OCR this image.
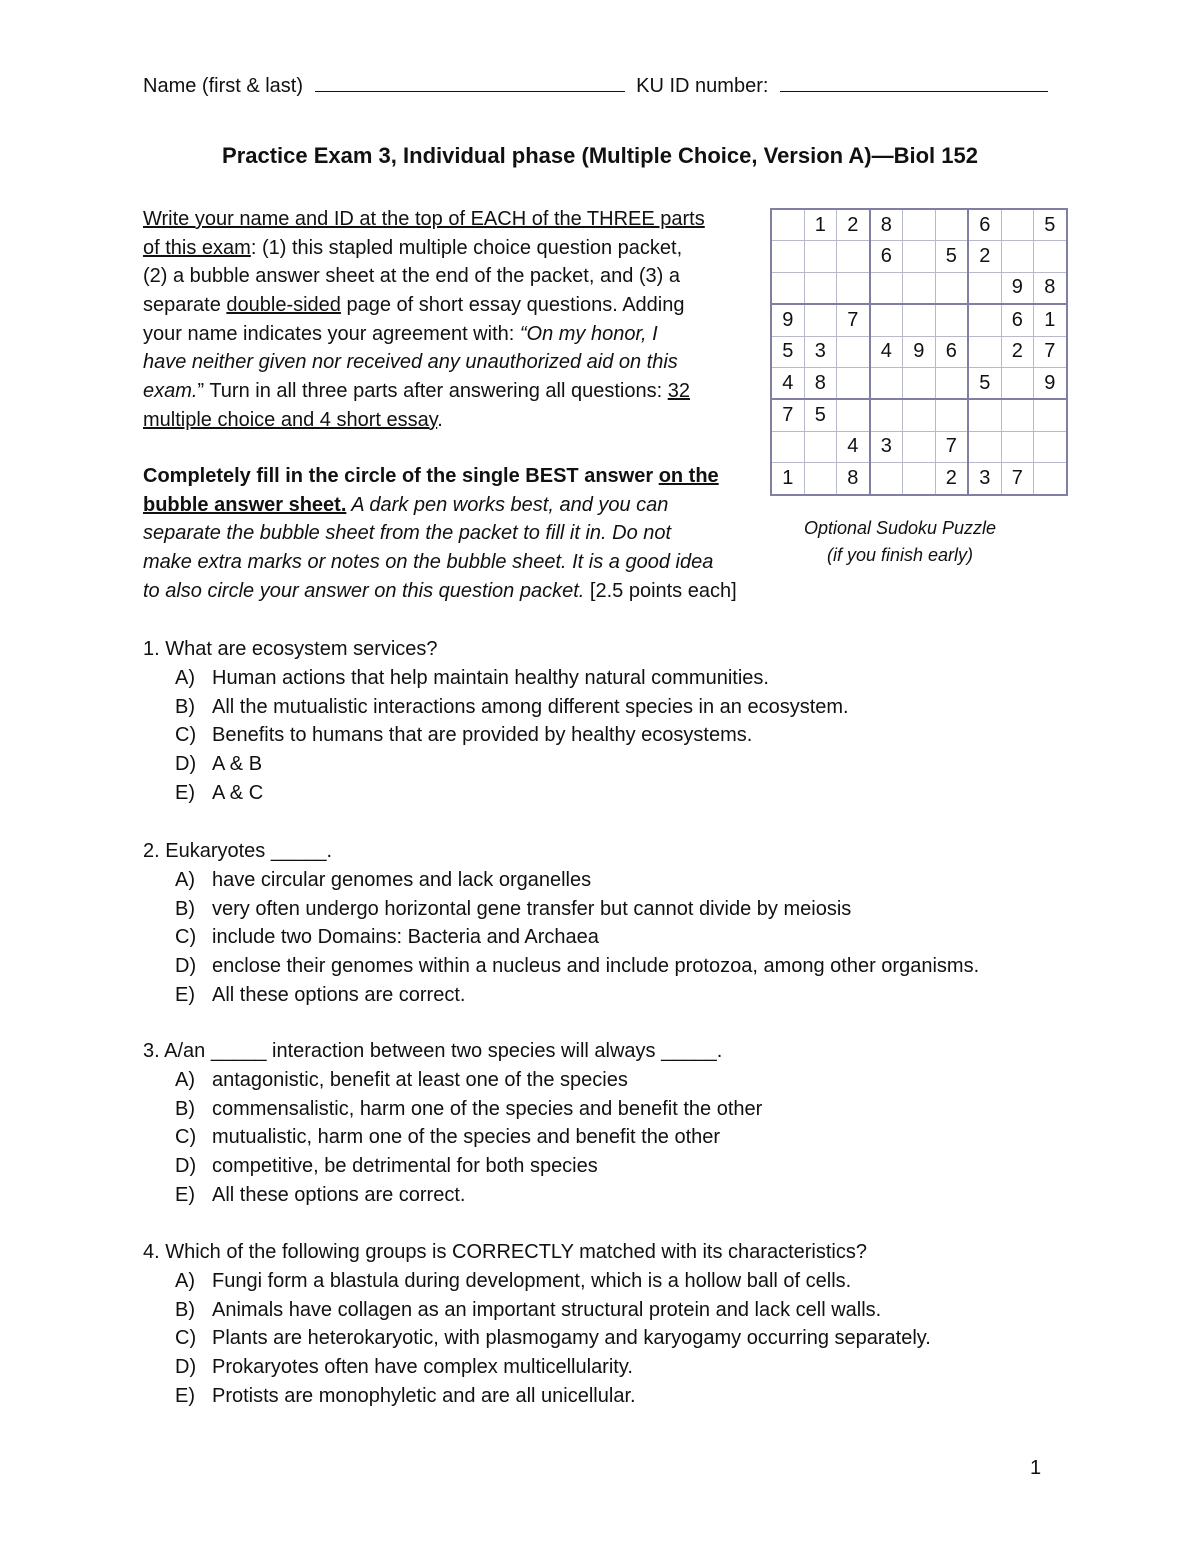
Name (first & last)	KU ID number:
Practice Exam 3, Individual phase (Multiple Choice, Version A)—Biol 152
Write your name and ID at the top of EACH of the THREE parts
of this exam: (1) this stapled multiple choice question packet,
(2) a bubble answer sheet at the end of the packet, and (3) a
separate double-sided page of short essay questions. Adding
your name indicates your agreement with: “On my honor, I
have neither given nor received any unauthorized aid on this
exam.” Turn in all three parts after answering all questions: 32
multiple choice and 4 short essay.
Completely fill in the circle of the single BEST answer on the
bubble answer sheet. A dark pen works best, and you can
separate the bubble sheet from the packet to fill it in. Do not
make extra marks or notes on the bubble sheet. It is a good idea
to also circle your answer on this question packet. [2.5 points each]
	1	2	8			6		5
			6		5	2		
							9	8
9		7					6	1
5	3		4	9	6		2	7
4	8					5		9
7	5							
		4	3		7			
1		8			2	3	7	
Optional Sudoku Puzzle
(if you finish early)
1. What are ecosystem services?
A) Human actions that help maintain healthy natural communities.
B) All the mutualistic interactions among different species in an ecosystem.
C) Benefits to humans that are provided by healthy ecosystems.
D) A & B
E) A & C
2. Eukaryotes _____.
A) have circular genomes and lack organelles
B) very often undergo horizontal gene transfer but cannot divide by meiosis
C) include two Domains: Bacteria and Archaea
D) enclose their genomes within a nucleus and include protozoa, among other organisms.
E) All these options are correct.
3. A/an _____ interaction between two species will always _____.
A) antagonistic, benefit at least one of the species
B) commensalistic, harm one of the species and benefit the other
C) mutualistic, harm one of the species and benefit the other
D) competitive, be detrimental for both species
E) All these options are correct.
4. Which of the following groups is CORRECTLY matched with its characteristics?
A) Fungi form a blastula during development, which is a hollow ball of cells.
B) Animals have collagen as an important structural protein and lack cell walls.
C) Plants are heterokaryotic, with plasmogamy and karyogamy occurring separately.
D) Prokaryotes often have complex multicellularity.
E) Protists are monophyletic and are all unicellular.
1
